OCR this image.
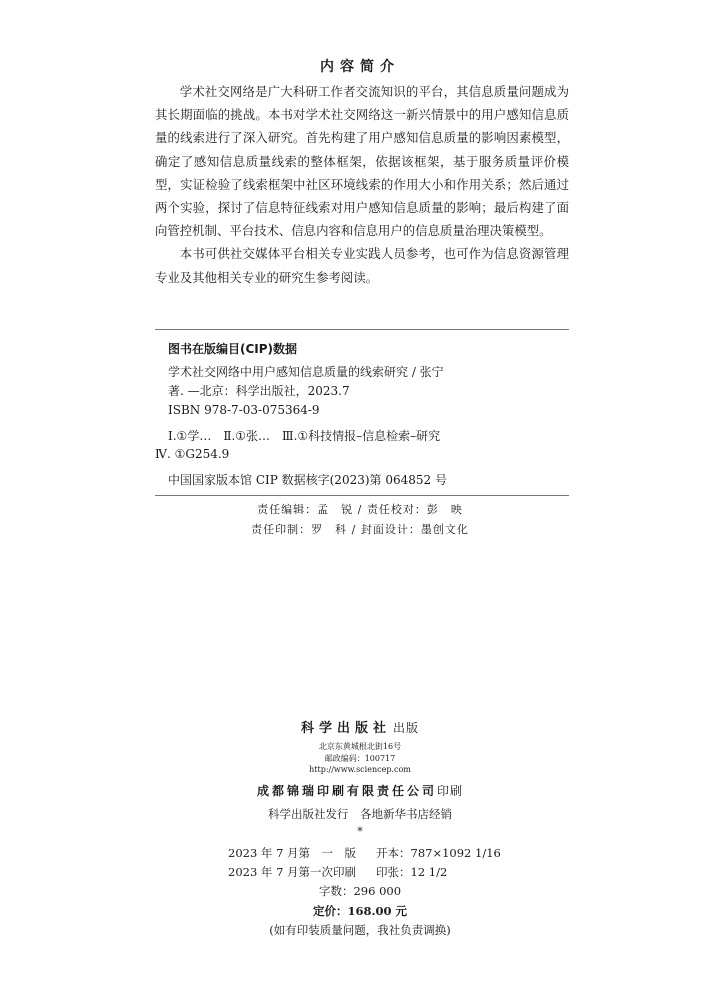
内容简介

学术社交网络是广大科研工作者交流知识的平台，其信息质量问题成为其长期面临的挑战。本书对学术社交网络这一新兴情景中的用户感知信息质量的线索进行了深入研究。首先构建了用户感知信息质量的影响因素模型，确定了感知信息质量线索的整体框架，依据该框架，基于服务质量评价模型，实证检验了线索框架中社区环境线索的作用大小和作用关系；然后通过两个实验，探讨了信息特征线索对用户感知信息质量的影响；最后构建了面向管控机制、平台技术、信息内容和信息用户的信息质量治理决策模型。

本书可供社交媒体平台相关专业实践人员参考，也可作为信息资源管理专业及其他相关专业的研究生参考阅读。

图书在版编目(CIP)数据
学术社交网络中用户感知信息质量的线索研究 / 张宁
著. —北京：科学出版社，2023.7
ISBN 978-7-03-075364-9
Ⅰ.①学…　Ⅱ.①张…　Ⅲ.①科技情报–信息检索–研究
Ⅳ. ①G254.9
中国国家版本馆 CIP 数据核字(2023)第 064852 号
责任编辑：孟　锐 / 责任校对：彭　映
责任印制：罗　科 / 封面设计：墨创文化
科学出版社 出版
北京东黄城根北街16号
邮政编码：100717
http://www.sciencep.com
成都锦瑞印刷有限责任公司印刷
科学出版社发行　各地新华书店经销
*
2023 年 7 月第　一　版 开本：787×1092 1/16
2023 年 7 月第一次印刷 印张：12 1/2
字数：296 000
定价：168.00 元
(如有印装质量问题，我社负责调换)
